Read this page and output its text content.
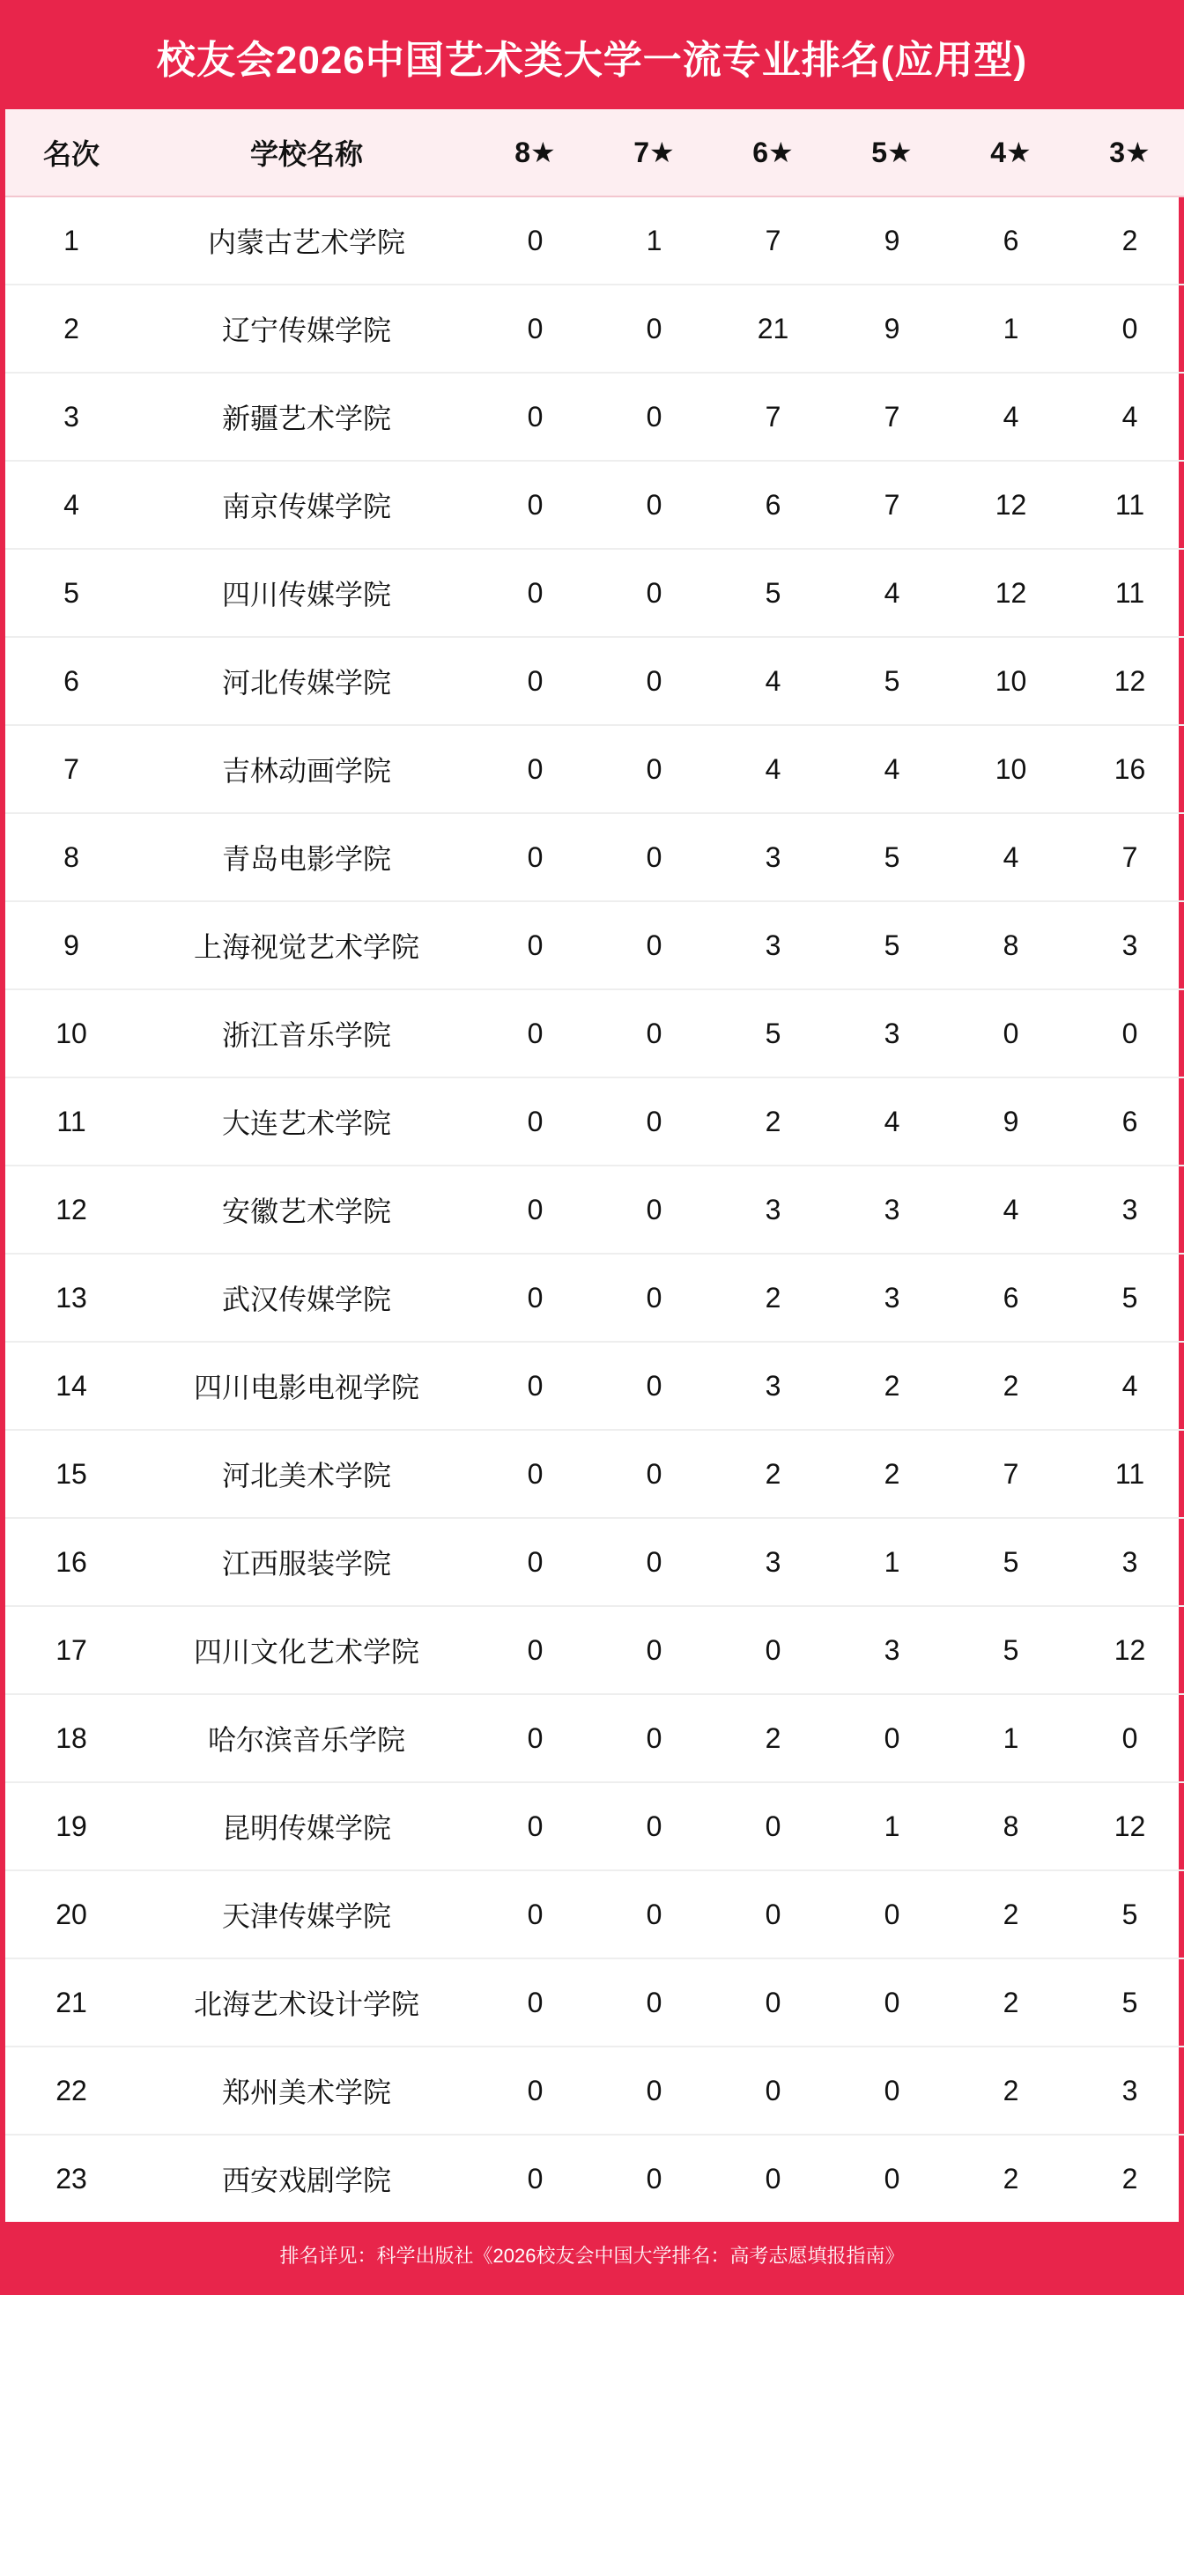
校友会2026中国艺术类大学一流专业排名(应用型)
名次	学校名称	8★	7★	6★	5★	4★	3★
1	内蒙古艺术学院	0	1	7	9	6	2
2	辽宁传媒学院	0	0	21	9	1	0
3	新疆艺术学院	0	0	7	7	4	4
4	南京传媒学院	0	0	6	7	12	11
5	四川传媒学院	0	0	5	4	12	11
6	河北传媒学院	0	0	4	5	10	12
7	吉林动画学院	0	0	4	4	10	16
8	青岛电影学院	0	0	3	5	4	7
9	上海视觉艺术学院	0	0	3	5	8	3
10	浙江音乐学院	0	0	5	3	0	0
11	大连艺术学院	0	0	2	4	9	6
12	安徽艺术学院	0	0	3	3	4	3
13	武汉传媒学院	0	0	2	3	6	5
14	四川电影电视学院	0	0	3	2	2	4
15	河北美术学院	0	0	2	2	7	11
16	江西服装学院	0	0	3	1	5	3
17	四川文化艺术学院	0	0	0	3	5	12
18	哈尔滨音乐学院	0	0	2	0	1	0
19	昆明传媒学院	0	0	0	1	8	12
20	天津传媒学院	0	0	0	0	2	5
21	北海艺术设计学院	0	0	0	0	2	5
22	郑州美术学院	0	0	0	0	2	3
23	西安戏剧学院	0	0	0	0	2	2
排名详见：科学出版社《2026校友会中国大学排名：高考志愿填报指南》
